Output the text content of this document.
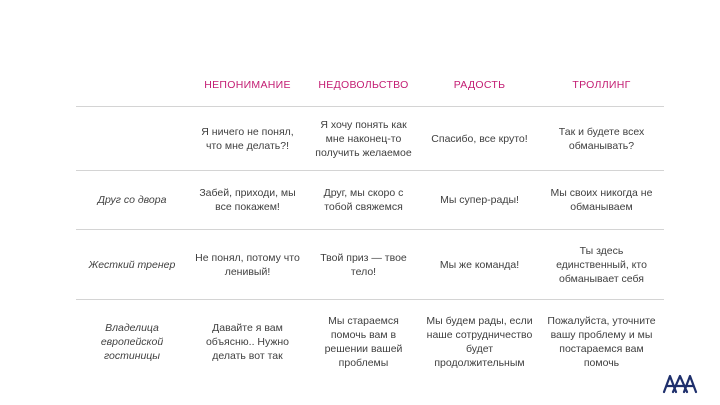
	НЕПОНИМАНИЕ	НЕДОВОЛЬСТВО	РАДОСТЬ	ТРОЛЛИНГ
	Я ничего не понял, что мне делать?!	Я хочу понять как мне наконец-то получить желаемое	Спасибо, все круто!	Так и будете всех обманывать?
Друг со двора	Забей, приходи, мы все покажем!	Друг, мы скоро с тобой свяжемся	Мы супер-рады!	Мы своих никогда не обманываем
Жесткий тренер	Не понял, потому что ленивый!	Твой приз — твое тело!	Мы же команда!	Ты здесь единственный, кто обманывает себя
Владелица европейской гостиницы	Давайте я вам объясню.. Нужно делать вот так	Мы стараемся помочь вам в решении вашей проблемы	Мы будем рады, если наше сотрудничество будет продолжительным	Пожалуйста, уточните вашу проблему и мы постараемся вам помочь
